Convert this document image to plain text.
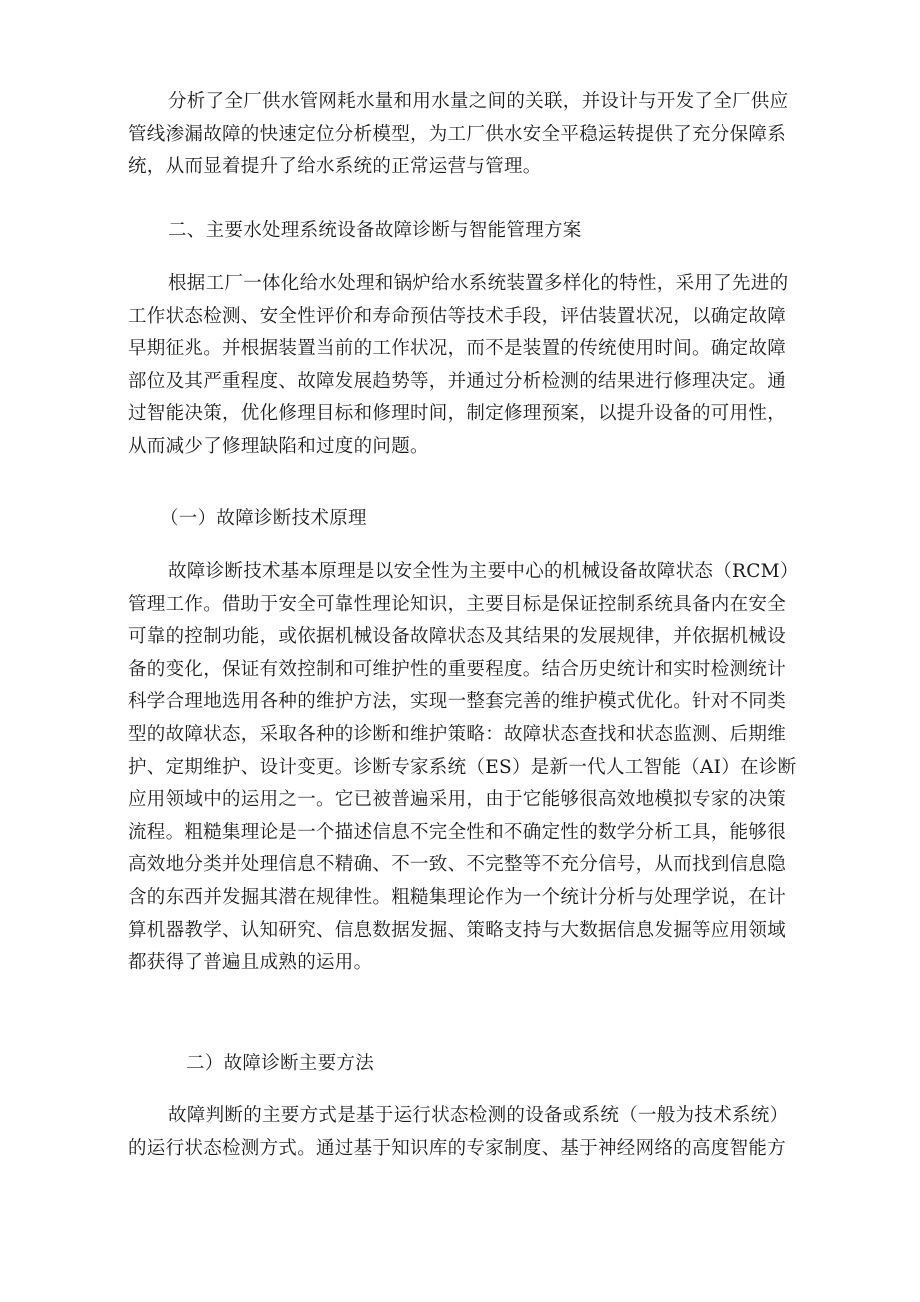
分析了全厂供水管网耗水量和用水量之间的关联，并设计与开发了全厂供应
管线渗漏故障的快速定位分析模型，为工厂供水安全平稳运转提供了充分保障系
统，从而显着提升了给水系统的正常运营与管理。

二、主要水处理系统设备故障诊断与智能管理方案

根据工厂一体化给水处理和锅炉给水系统装置多样化的特性，采用了先进的
工作状态检测、安全性评价和寿命预估等技术手段，评估装置状况，以确定故障
早期征兆。并根据装置当前的工作状况，而不是装置的传统使用时间。确定故障
部位及其严重程度、故障发展趋势等，并通过分析检测的结果进行修理决定。通
过智能决策，优化修理目标和修理时间，制定修理预案，以提升设备的可用性，
从而减少了修理缺陷和过度的问题。

（一）故障诊断技术原理

故障诊断技术基本原理是以安全性为主要中心的机械设备故障状态（RCM）
管理工作。借助于安全可靠性理论知识，主要目标是保证控制系统具备内在安全
可靠的控制功能，或依据机械设备故障状态及其结果的发展规律，并依据机械设
备的变化，保证有效控制和可维护性的重要程度。结合历史统计和实时检测统计
科学合理地选用各种的维护方法，实现一整套完善的维护模式优化。针对不同类
型的故障状态，采取各种的诊断和维护策略：故障状态查找和状态监测、后期维
护、定期维护、设计变更。诊断专家系统（ES）是新一代人工智能（AI）在诊断
应用领域中的运用之一。它已被普遍采用，由于它能够很高效地模拟专家的决策
流程。粗糙集理论是一个描述信息不完全性和不确定性的数学分析工具，能够很
高效地分类并处理信息不精确、不一致、不完整等不充分信号，从而找到信息隐
含的东西并发掘其潜在规律性。粗糙集理论作为一个统计分析与处理学说，在计
算机器教学、认知研究、信息数据发掘、策略支持与大数据信息发掘等应用领域
都获得了普遍且成熟的运用。

二）故障诊断主要方法

故障判断的主要方式是基于运行状态检测的设备或系统（一般为技术系统）
的运行状态检测方式。通过基于知识库的专家制度、基于神经网络的高度智能方
